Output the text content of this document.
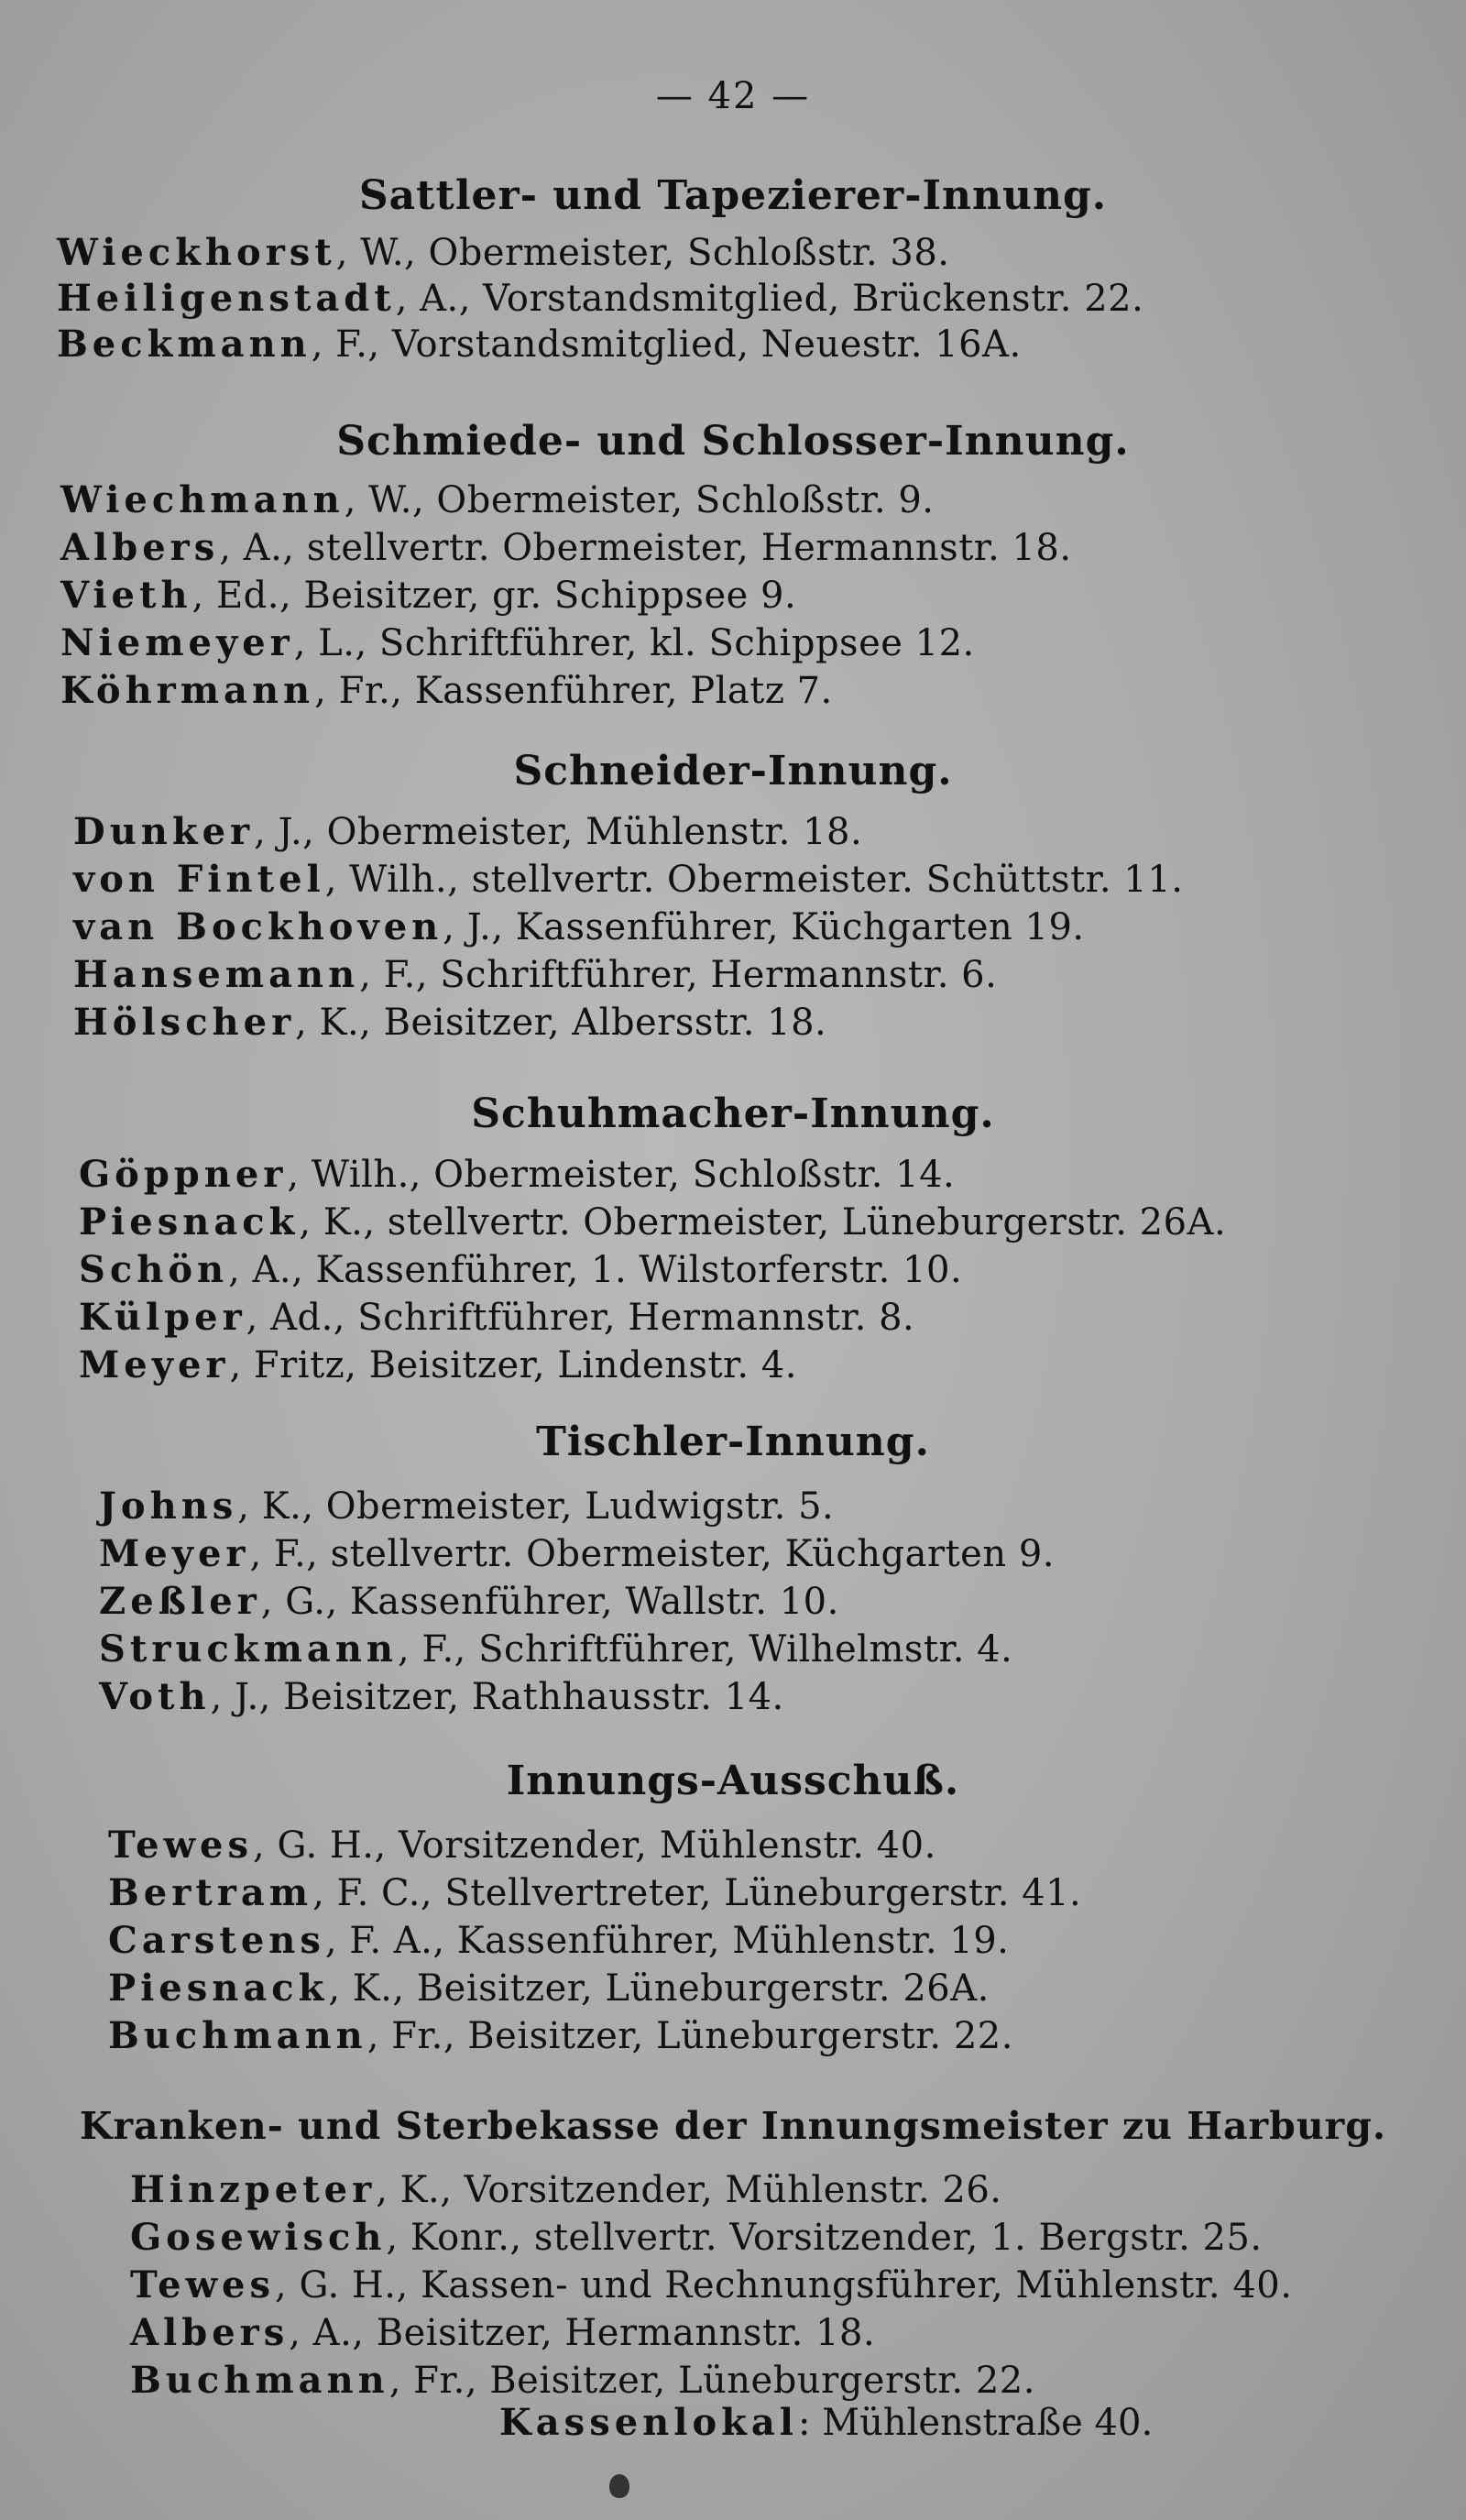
— 42 —
Sattler- und Tapezierer-Innung.
Wieckhorst, W., Obermeister, Schloßstr. 38.
Heiligenstadt, A., Vorstandsmitglied, Brückenstr. 22.
Beckmann, F., Vorstandsmitglied, Neuestr. 16A.
Schmiede- und Schlosser-Innung.
Wiechmann, W., Obermeister, Schloßstr. 9.
Albers, A., stellvertr. Obermeister, Hermannstr. 18.
Vieth, Ed., Beisitzer, gr. Schippsee 9.
Niemeyer, L., Schriftführer, kl. Schippsee 12.
Köhrmann, Fr., Kassenführer, Platz 7.
Schneider-Innung.
Dunker, J., Obermeister, Mühlenstr. 18.
von Fintel, Wilh., stellvertr. Obermeister. Schüttstr. 11.
van Bockhoven, J., Kassenführer, Küchgarten 19.
Hansemann, F., Schriftführer, Hermannstr. 6.
Hölscher, K., Beisitzer, Albersstr. 18.
Schuhmacher-Innung.
Göppner, Wilh., Obermeister, Schloßstr. 14.
Piesnack, K., stellvertr. Obermeister, Lüneburgerstr. 26A.
Schön, A., Kassenführer, 1. Wilstorferstr. 10.
Külper, Ad., Schriftführer, Hermannstr. 8.
Meyer, Fritz, Beisitzer, Lindenstr. 4.
Tischler-Innung.
Johns, K., Obermeister, Ludwigstr. 5.
Meyer, F., stellvertr. Obermeister, Küchgarten 9.
Zeßler, G., Kassenführer, Wallstr. 10.
Struckmann, F., Schriftführer, Wilhelmstr. 4.
Voth, J., Beisitzer, Rathhausstr. 14.
Innungs-Ausschuß.
Tewes, G. H., Vorsitzender, Mühlenstr. 40.
Bertram, F. C., Stellvertreter, Lüneburgerstr. 41.
Carstens, F. A., Kassenführer, Mühlenstr. 19.
Piesnack, K., Beisitzer, Lüneburgerstr. 26A.
Buchmann, Fr., Beisitzer, Lüneburgerstr. 22.
Kranken- und Sterbekasse der Innungsmeister zu Harburg.
Hinzpeter, K., Vorsitzender, Mühlenstr. 26.
Gosewisch, Konr., stellvertr. Vorsitzender, 1. Bergstr. 25.
Tewes, G. H., Kassen- und Rechnungsführer, Mühlenstr. 40.
Albers, A., Beisitzer, Hermannstr. 18.
Buchmann, Fr., Beisitzer, Lüneburgerstr. 22.
Kassenlokal: Mühlenstraße 40.
